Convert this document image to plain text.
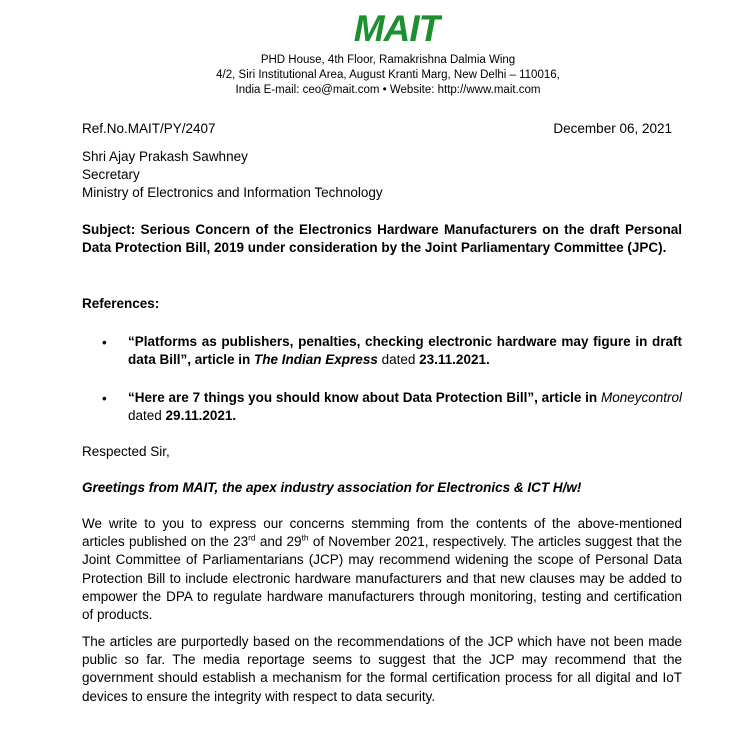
MAIT
PHD House, 4th Floor, Ramakrishna Dalmia Wing
4/2, Siri Institutional Area, August Kranti Marg, New Delhi – 110016,
India E-mail: ceo@mait.com • Website: http://www.mait.com
Ref.No.MAIT/PY/2407	December 06, 2021
Shri Ajay Prakash Sawhney
Secretary
Ministry of Electronics and Information Technology
Subject: Serious Concern of the Electronics Hardware Manufacturers on the draft Personal Data Protection Bill, 2019 under consideration by the Joint Parliamentary Committee (JPC).
References:
• “Platforms as publishers, penalties, checking electronic hardware may figure in draft data Bill”, article in The Indian Express dated 23.11.2021.
• “Here are 7 things you should know about Data Protection Bill”, article in Moneycontrol dated 29.11.2021.
Respected Sir,
Greetings from MAIT, the apex industry association for Electronics & ICT H/w!
We write to you to express our concerns stemming from the contents of the above-mentioned articles published on the 23rd and 29th of November 2021, respectively. The articles suggest that the Joint Committee of Parliamentarians (JCP) may recommend widening the scope of Personal Data Protection Bill to include electronic hardware manufacturers and that new clauses may be added to empower the DPA to regulate hardware manufacturers through monitoring, testing and certification of products.
The articles are purportedly based on the recommendations of the JCP which have not been made public so far. The media reportage seems to suggest that the JCP may recommend that the government should establish a mechanism for the formal certification process for all digital and IoT devices to ensure the integrity with respect to data security.
